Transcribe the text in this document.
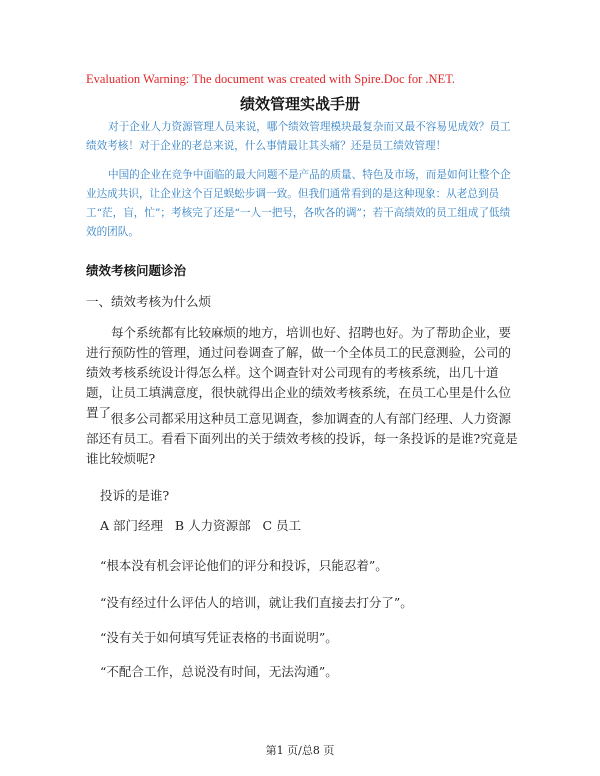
Evaluation Warning: The document was created with Spire.Doc for .NET.
绩效管理实战手册
对于企业人力资源管理人员来说，哪个绩效管理模块最复杂而又最不容易见成效？员工绩效考核！对于企业的老总来说，什么事情最让其头痛？还是员工绩效管理！
中国的企业在竞争中面临的最大问题不是产品的质量、特色及市场，而是如何让整个企业达成共识，让企业这个百足蜈蚣步调一致。但我们通常看到的是这种现象：从老总到员工“茫，盲，忙”；考核完了还是“一人一把号，各吹各的调”；若干高绩效的员工组成了低绩效的团队。
绩效考核问题诊治
一、绩效考核为什么烦
每个系统都有比较麻烦的地方，培训也好、招聘也好。为了帮助企业，要进行预防性的管理，通过问卷调查了解，做一个全体员工的民意测验，公司的绩效考核系统设计得怎么样。这个调查针对公司现有的考核系统，出几十道题，让员工填满意度，很快就得出企业的绩效考核系统，在员工心里是什么位置了。
很多公司都采用这种员工意见调查，参加调查的人有部门经理、人力资源部还有员工。看看下面列出的关于绩效考核的投诉，每一条投诉的是谁?究竟是谁比较烦呢?
投诉的是谁?
A 部门经理   B 人力资源部   C 员工
“根本没有机会评论他们的评分和投诉，只能忍着”。
“没有经过什么评估人的培训，就让我们直接去打分了”。
“没有关于如何填写凭证表格的书面说明”。
“不配合工作，总说没有时间，无法沟通”。
第1 页/总8 页
